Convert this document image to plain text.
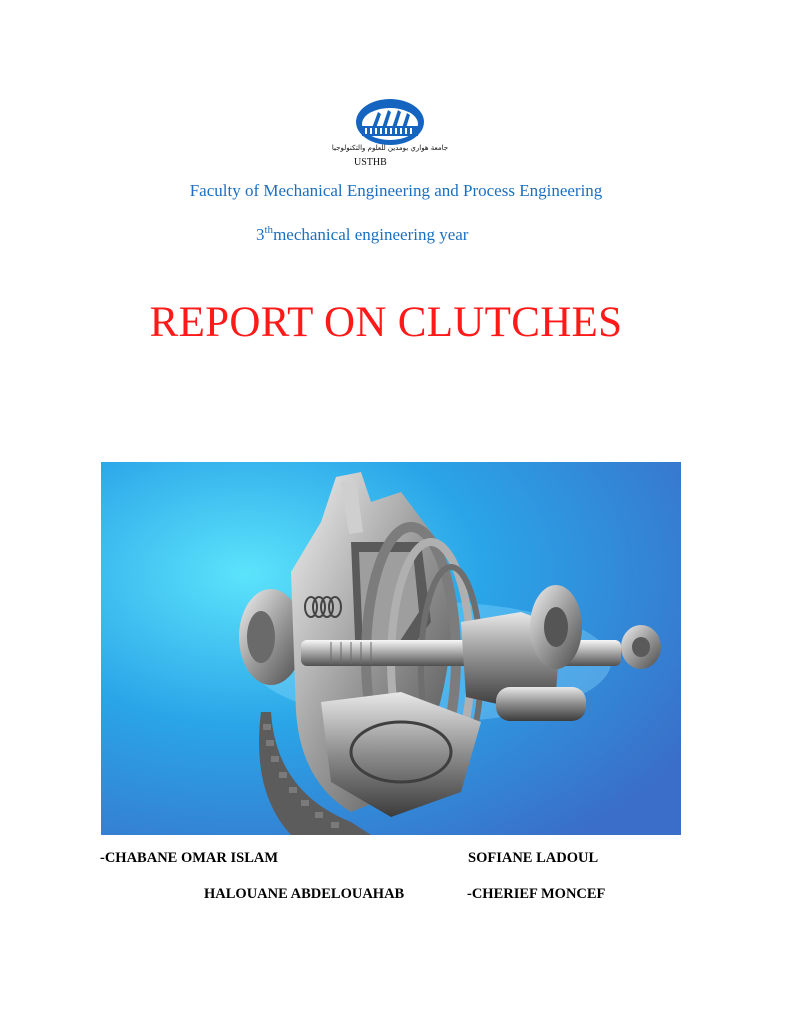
جامعة هواري بومدين للعلوم والتكنولوجيا
USTHB
Faculty of Mechanical Engineering and Process Engineering
3thmechanical engineering year
REPORT ON CLUTCHES
-CHABANE OMAR ISLAM	SOFIANE LADOUL
HALOUANE ABDELOUAHAB	-CHERIEF MONCEF
